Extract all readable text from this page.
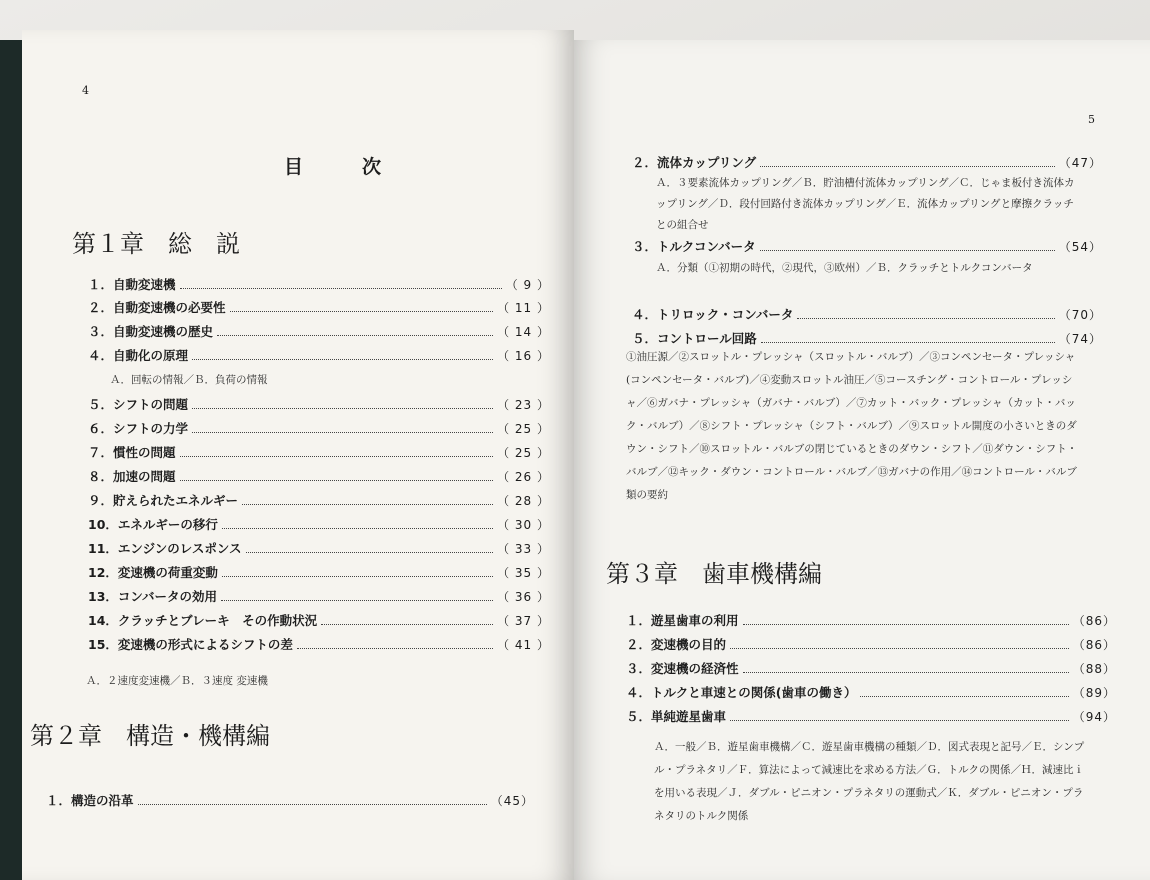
4
目　次
第１章　総　説
１．自動変速機	（ 9 ）
２．自動変速機の必要性	（ 11 ）
３．自動変速機の歴史	（ 14 ）
４．自動化の原理	（ 16 ）
５．シフトの問題	（ 23 ）
６．シフトの力学	（ 25 ）
７．慣性の問題	（ 25 ）
８．加速の問題	（ 26 ）
９．貯えられたエネルギー	（ 28 ）
10．エネルギーの移行	（ 30 ）
11．エンジンのレスポンス	（ 33 ）
12．変速機の荷重変動	（ 35 ）
13．コンバータの効用	（ 36 ）
14．クラッチとブレーキ　その作動状況	（ 37 ）
15．変速機の形式によるシフトの差	（ 41 ）
Ａ．回転の情報／Ｂ．負荷の情報
Ａ．２速度変速機／Ｂ．３速度 変速機
第２章　構造・機構編
１．構造の沿革	（45）
5
２．流体カップリング	（47）
３．トルクコンバータ	（54）
４．トリロック・コンバータ	（70）
５．コントロール回路	（74）
Ａ．３要素流体カップリング／Ｂ．貯油槽付流体カップリング／Ｃ．じゃま板付き流体カップリング／Ｄ．段付回路付き流体カップリング／Ｅ．流体カップリングと摩擦クラッチとの組合せ
Ａ．分類（①初期の時代，②現代，③欧州）／Ｂ．クラッチとトルクコンバータ
①油圧源／②スロットル・プレッシャ（スロットル・バルブ）／③コンペンセータ・プレッシャ(コンペンセータ・バルブ)／④変動スロットル油圧／⑤コースチング・コントロール・プレッシャ／⑥ガバナ・プレッシャ（ガバナ・バルブ）／⑦カット・バック・プレッシャ（カット・バック・バルブ）／⑧シフト・プレッシャ（シフト・バルブ）／⑨スロットル開度の小さいときのダウン・シフト／⑩スロットル・バルブの閉じているときのダウン・シフト／⑪ダウン・シフト・バルブ／⑫キック・ダウン・コントロール・バルブ／⑬ガバナの作用／⑭コントロール・バルブ類の要約
第３章　歯車機構編
１．遊星歯車の利用	（86）
２．変速機の目的	（86）
３．変速機の経済性	（88）
４．トルクと車速との関係(歯車の働き）	（89）
５．単純遊星歯車	（94）
Ａ．一般／Ｂ．遊星歯車機構／Ｃ．遊星歯車機構の種類／Ｄ．図式表現と記号／Ｅ．シンプル・プラネタリ／Ｆ．算法によって減速比を求める方法／Ｇ．トルクの関係／Ｈ．減速比ｉを用いる表現／Ｊ．ダブル・ピニオン・プラネタリの運動式／Ｋ．ダブル・ピニオン・プラネタリのトルク関係
